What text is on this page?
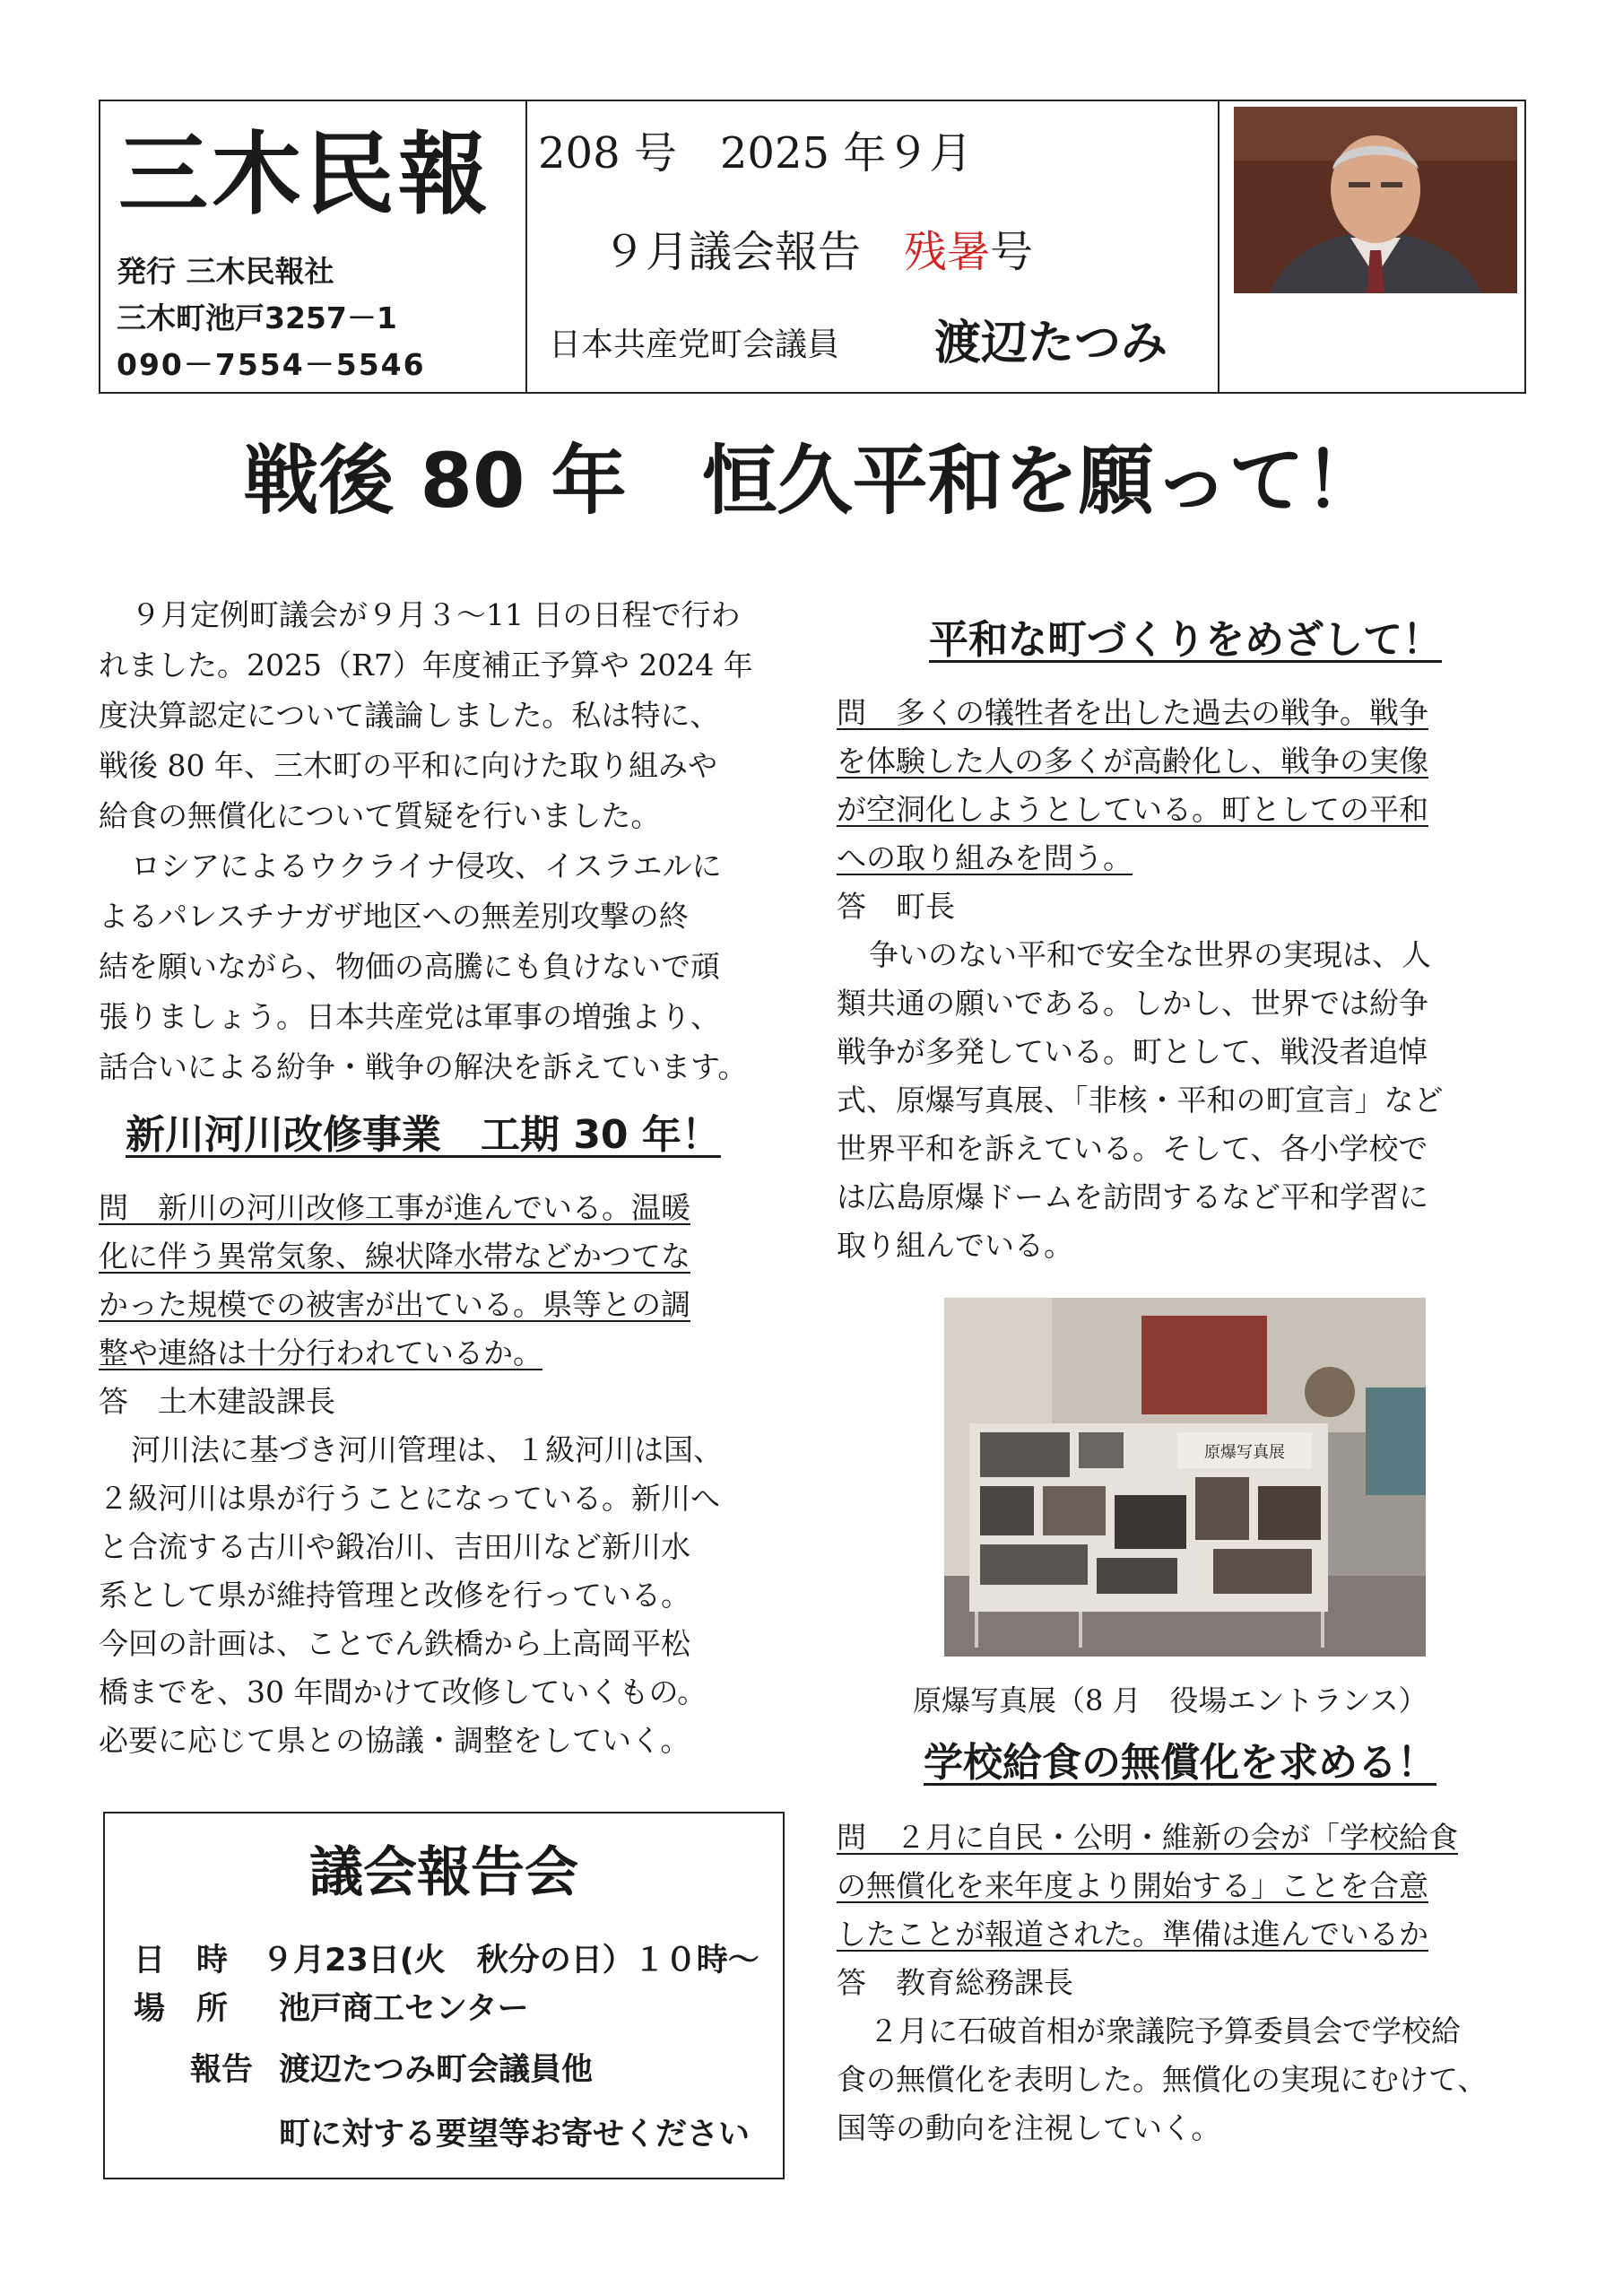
三木民報
発行 三木民報社
三木町池戸3257－1
090－7554－5546
208 号　2025 年９月
９月議会報告　残暑号
日本共産党町会議員 渡辺たつみ
戦後 80 年　恒久平和を願って！
９月定例町議会が９月３～11 日の日程で行わ
れました。2025（R7）年度補正予算や 2024 年
度決算認定について議論しました。私は特に、
戦後 80 年、三木町の平和に向けた取り組みや
給食の無償化について質疑を行いました。
ロシアによるウクライナ侵攻、イスラエルに
よるパレスチナガザ地区への無差別攻撃の終
結を願いながら、物価の高騰にも負けないで頑
張りましょう。日本共産党は軍事の増強より、
話合いによる紛争・戦争の解決を訴えています。
新川河川改修事業　工期 30 年！
問　新川の河川改修工事が進んでいる。温暖
化に伴う異常気象、線状降水帯などかつてな
かった規模での被害が出ている。県等との調
整や連絡は十分行われているか。
答　土木建設課長
河川法に基づき河川管理は、１級河川は国、
２級河川は県が行うことになっている。新川へ
と合流する古川や鍛冶川、吉田川など新川水
系として県が維持管理と改修を行っている。
今回の計画は、ことでん鉄橋から上高岡平松
橋までを、30 年間かけて改修していくもの。
必要に応じて県との協議・調整をしていく。
議会報告会
日　時 ９月23日(火　秋分の日）１０時～
場　所 池戸商工センター
報告 渡辺たつみ町会議員他
町に対する要望等お寄せください
平和な町づくりをめざして！
問　多くの犠牲者を出した過去の戦争。戦争
を体験した人の多くが高齢化し、戦争の実像
が空洞化しようとしている。町としての平和
への取り組みを問う。
答　町長
争いのない平和で安全な世界の実現は、人
類共通の願いである。しかし、世界では紛争
戦争が多発している。町として、戦没者追悼
式、原爆写真展、「非核・平和の町宣言」など
世界平和を訴えている。そして、各小学校で
は広島原爆ドームを訪問するなど平和学習に
取り組んでいる。
原爆写真展
原爆写真展（8 月　役場エントランス）
学校給食の無償化を求める！
問　２月に自民・公明・維新の会が「学校給食
の無償化を来年度より開始する」ことを合意
したことが報道された。準備は進んでいるか
答　教育総務課長
２月に石破首相が衆議院予算委員会で学校給
食の無償化を表明した。無償化の実現にむけて、
国等の動向を注視していく。
